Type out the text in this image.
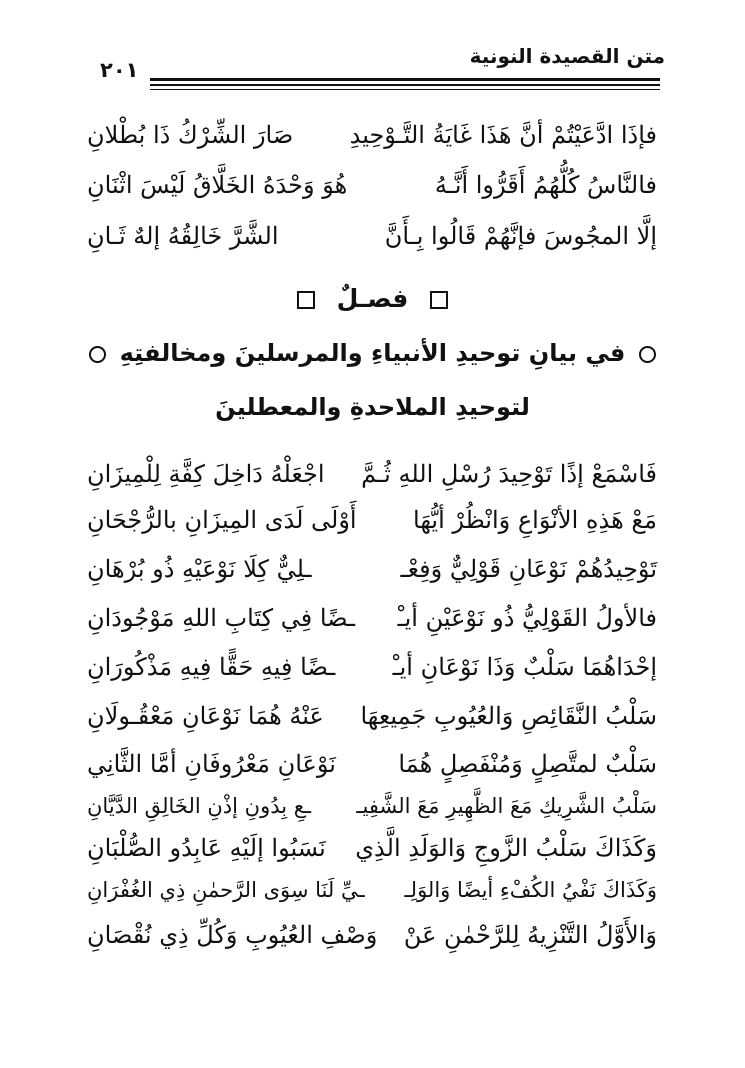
متن القصيدة النونية
٢٠١
فإذَا ادَّعَيْتُمْ أنَّ هَذَا غَايَةُ التَّـوْحِيدِ
صَارَ الشِّرْكُ ذَا بُطْلانِ
فالنَّاسُ كُلُّهُمُ أَقَرُّوا أَنَّـهُ
هُوَ وَحْدَهُ الخَلَّاقُ لَيْسَ اثْنَانِ
إلَّا المجُوسَ فإنَّهُمْ قَالُوا بِـأَنَّ
الشَّرَّ خَالِقُهُ إلهٌ ثَـانِ
فصـلٌ
في بيانِ توحيدِ الأنبياءِ والمرسلينَ ومخالفتِهِ
لتوحيدِ الملاحدةِ والمعطلينَ
فَاسْمَعْ إذًا تَوْحِيدَ رُسْلِ اللهِ ثُـمَّ
اجْعَلْهُ دَاخِلَ كِفَّةِ لِلْمِيزَانِ
مَعْ هَذِهِ الأنْوَاعِ وَانْظُرْ أيُّهَا
أَوْلَى لَدَى المِيزَانِ بالرُّجْحَانِ
تَوْحِيدُهُمْ نَوْعَانِ قَوْلِيٌّ وَفِعْـ
ـلِيٌّ كِلَا نَوْعَيْهِ ذُو بُرْهَانِ
فالأولُ القَوْلِيُّ ذُو نَوْعَيْنِ أيـْ
ـضًا فِي كِتَابِ اللهِ مَوْجُودَانِ
إحْدَاهُمَا سَلْبٌ وَذَا نَوْعَانِ أيـْ
ـضًا فِيهِ حَقًّا فِيهِ مَذْكُورَانِ
سَلْبُ النَّقَائِصِ وَالعُيُوبِ جَمِيعِهَا
عَنْهُ هُمَا نَوْعَانِ مَعْقُـولَانِ
سَلْبٌ لمتَّصِلٍ وَمُنْفَصِلٍ هُمَا
نَوْعَانِ مَعْرُوفَانِ أمَّا الثَّانِي
سَلْبُ الشَّرِيكِ مَعَ الظَّهِيرِ مَعَ الشَّفِيـ
ـعِ بِدُونِ إذْنِ الخَالِقِ الدَّيَّانِ
وَكَذَاكَ سَلْبُ الزَّوجِ وَالوَلَدِ الَّذِي
نَسَبُوا إلَيْهِ عَابِدُو الصُّلْبَانِ
وَكَذَاكَ نَفْيُ الكُفْءِ أيضًا وَالوَلِـ
ـيِّ لَنَا سِوَى الرَّحمٰنِ ذِي الغُفْرَانِ
وَالأَوَّلُ التَّنْزِيهُ لِلرَّحْمٰنِ عَنْ
وَصْفِ العُيُوبِ وَكُلِّ ذِي نُقْصَانِ
